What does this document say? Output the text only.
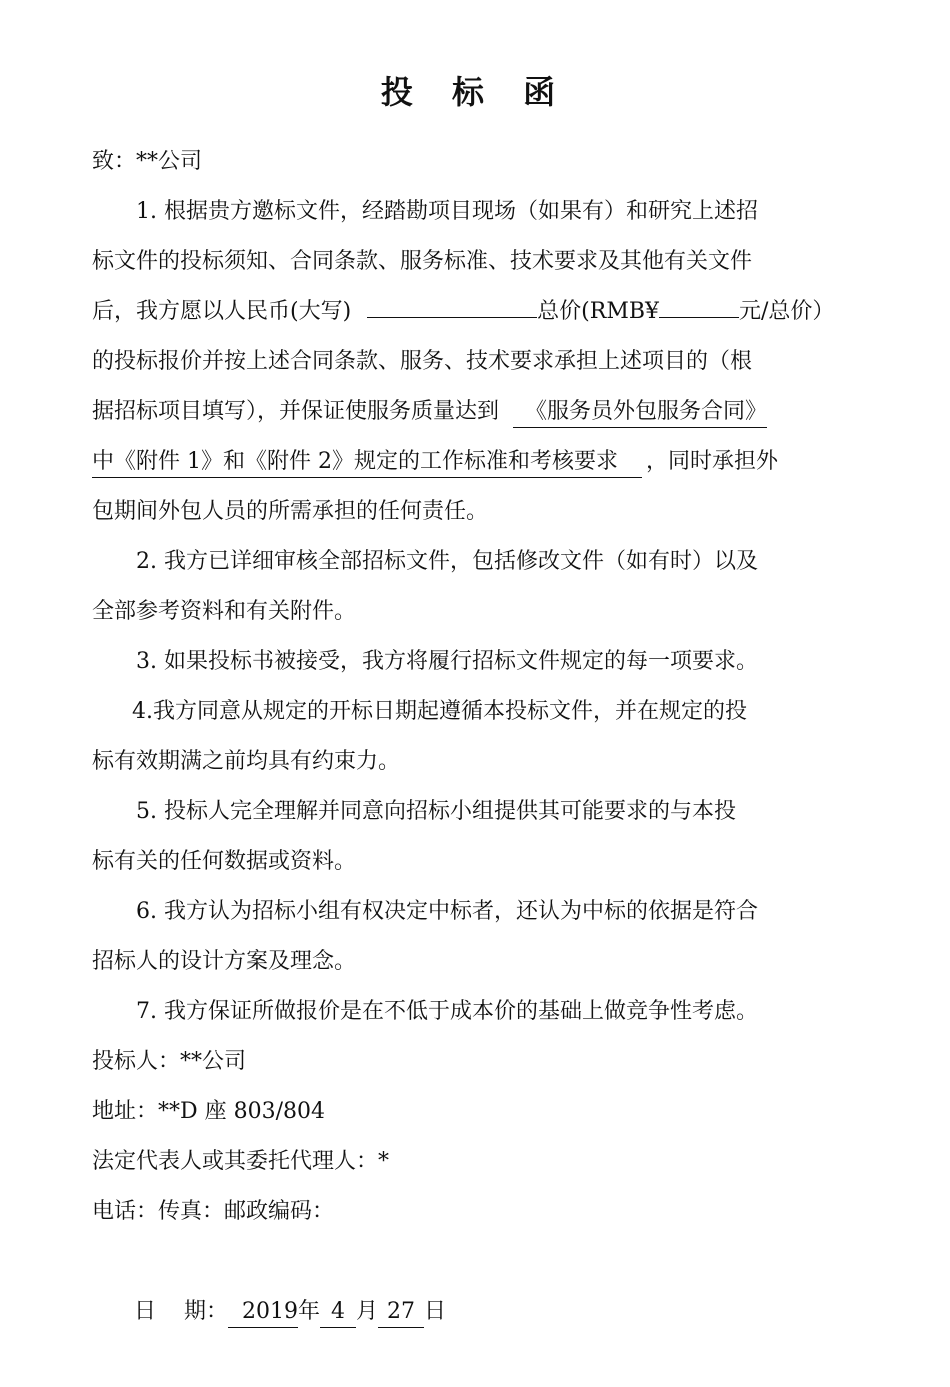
投 标 函
致：**公司
1. 根据贵方邀标文件，经踏勘项目现场（如果有）和研究上述招
标文件的投标须知、合同条款、服务标准、技术要求及其他有关文件
后，我方愿以人民币(大写)	总价(RMB¥	元/总价）
的投标报价并按上述合同条款、服务、技术要求承担上述项目的（根
据招标项目填写），并保证使服务质量达到 《服务员外包服务合同》
中《附件 1》和《附件 2》规定的工作标准和考核要求 ，同时承担外
包期间外包人员的所需承担的任何责任。
2. 我方已详细审核全部招标文件，包括修改文件（如有时）以及
全部参考资料和有关附件。
3. 如果投标书被接受，我方将履行招标文件规定的每一项要求。
4.我方同意从规定的开标日期起遵循本投标文件，并在规定的投
标有效期满之前均具有约束力。
5. 投标人完全理解并同意向招标小组提供其可能要求的与本投
标有关的任何数据或资料。
6. 我方认为招标小组有权决定中标者，还认为中标的依据是符合
招标人的设计方案及理念。
7. 我方保证所做报价是在不低于成本价的基础上做竞争性考虑。
投标人：**公司
地址：**D 座 803/804
法定代表人或其委托代理人：*
电话：传真：邮政编码：

日    期： 2019年 4 月 27 日
